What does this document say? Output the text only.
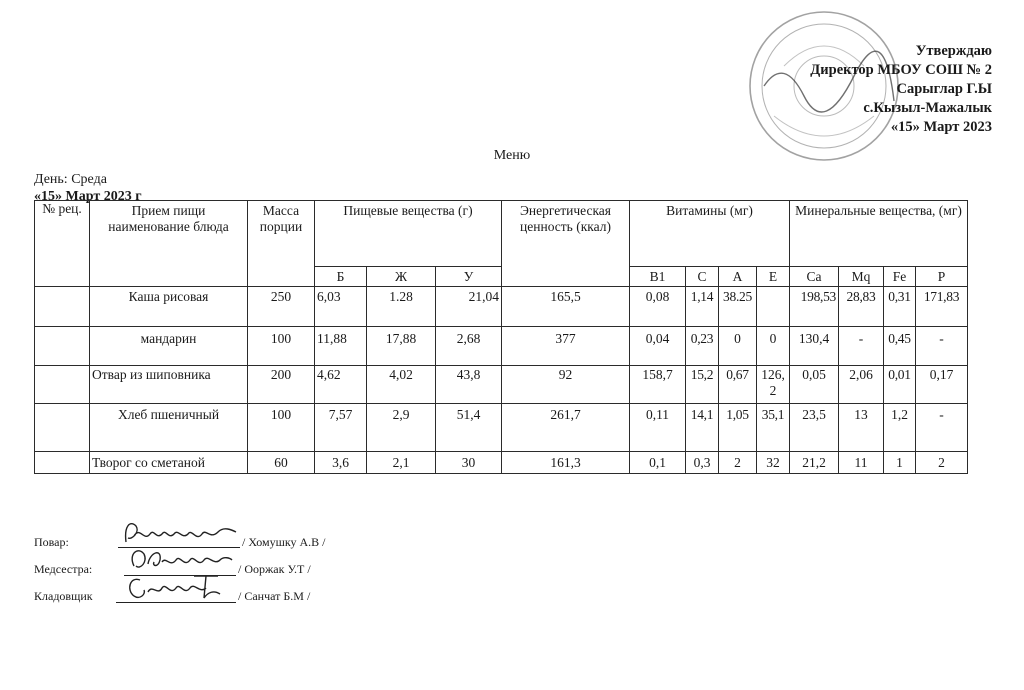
Утверждаю
Директор МБОУ СОШ № 2
Сарыглар Г.Ы
с.Кызыл-Мажалык
«15» Март 2023
Меню
День: Среда
«15» Март 2023 г
№ рец.	Прием пищи наименование блюда	Масса порции	Пищевые вещества (г)			Энергетическая ценность (ккал)	Витамины (мг)				Минеральные вещества, (мг)			
			Б	Ж	У		B1	C	А	Е	Ca	Mq	Fe	P
	Каша рисовая	250	6,03	1.28	21,04	165,5	0,08	1,14	38.25		198,53	28,83	0,31	171,83
	мандарин	100	11,88	17,88	2,68	377	0,04	0,23	0	0	130,4	-	0,45	-
	Отвар из шиповника	200	4,62	4,02	43,8	92	158,7	15,2	0,67	126,2	0,05	2,06	0,01	0,17
	Хлеб пшеничный	100	7,57	2,9	51,4	261,7	0,11	14,1	1,05	35,1	23,5	13	1,2	-
	Творог со сметаной	60	3,6	2,1	30	161,3	0,1	0,3	2	32	21,2	11	1	2
Повар:	/ Хомушку А.В /
Медсестра:	/ Ооржак У.Т /
Кладовщик	/ Санчат Б.М /
